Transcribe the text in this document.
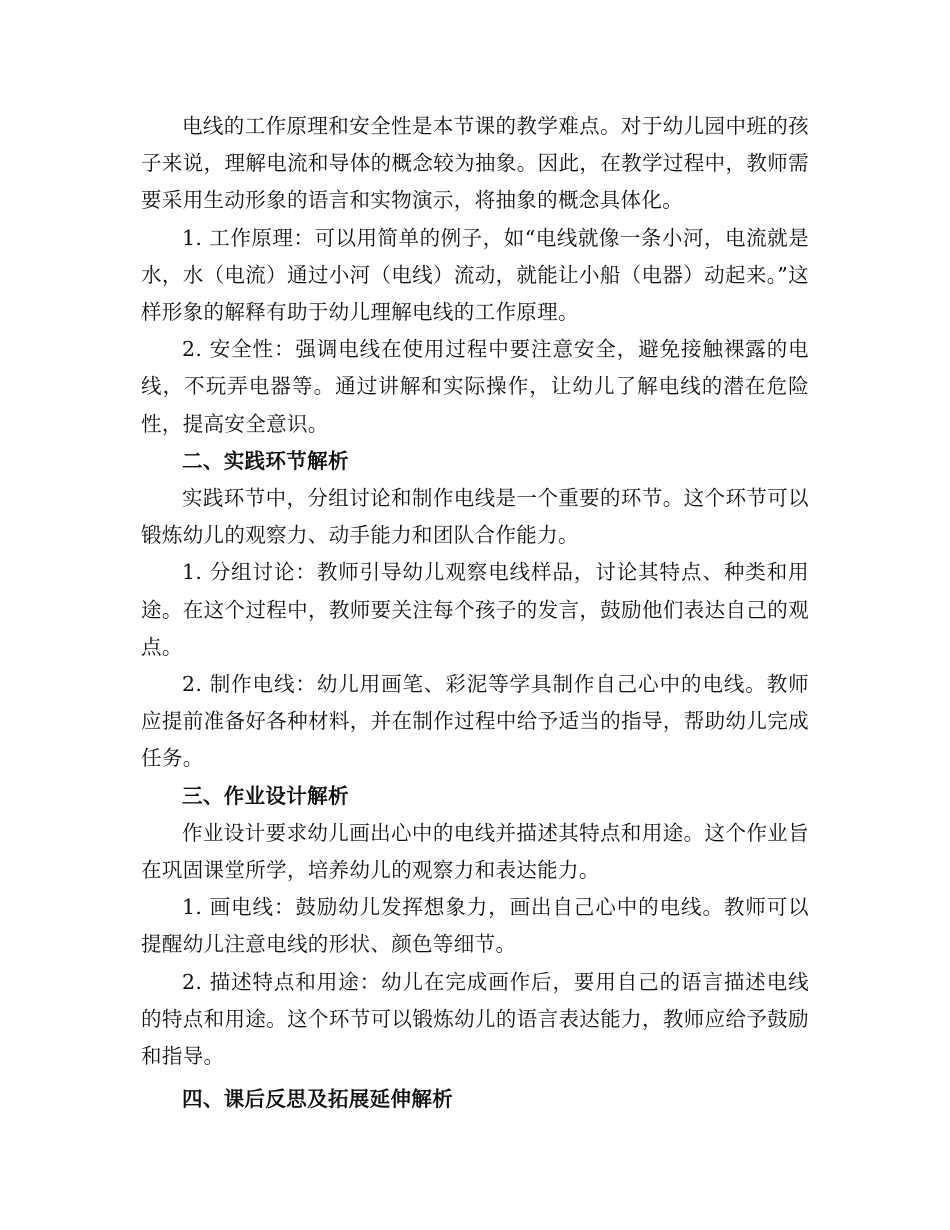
电线的工作原理和安全性是本节课的教学难点。对于幼儿园中班的孩子来说，理解电流和导体的概念较为抽象。因此，在教学过程中，教师需要采用生动形象的语言和实物演示，将抽象的概念具体化。

1. 工作原理：可以用简单的例子，如“电线就像一条小河，电流就是水，水（电流）通过小河（电线）流动，就能让小船（电器）动起来。”这样形象的解释有助于幼儿理解电线的工作原理。

2. 安全性：强调电线在使用过程中要注意安全，避免接触裸露的电线，不玩弄电器等。通过讲解和实际操作，让幼儿了解电线的潜在危险性，提高安全意识。

二、实践环节解析

实践环节中，分组讨论和制作电线是一个重要的环节。这个环节可以锻炼幼儿的观察力、动手能力和团队合作能力。

1. 分组讨论：教师引导幼儿观察电线样品，讨论其特点、种类和用途。在这个过程中，教师要关注每个孩子的发言，鼓励他们表达自己的观点。

2. 制作电线：幼儿用画笔、彩泥等学具制作自己心中的电线。教师应提前准备好各种材料，并在制作过程中给予适当的指导，帮助幼儿完成任务。

三、作业设计解析

作业设计要求幼儿画出心中的电线并描述其特点和用途。这个作业旨在巩固课堂所学，培养幼儿的观察力和表达能力。

1. 画电线：鼓励幼儿发挥想象力，画出自己心中的电线。教师可以提醒幼儿注意电线的形状、颜色等细节。

2. 描述特点和用途：幼儿在完成画作后，要用自己的语言描述电线的特点和用途。这个环节可以锻炼幼儿的语言表达能力，教师应给予鼓励和指导。

四、课后反思及拓展延伸解析
